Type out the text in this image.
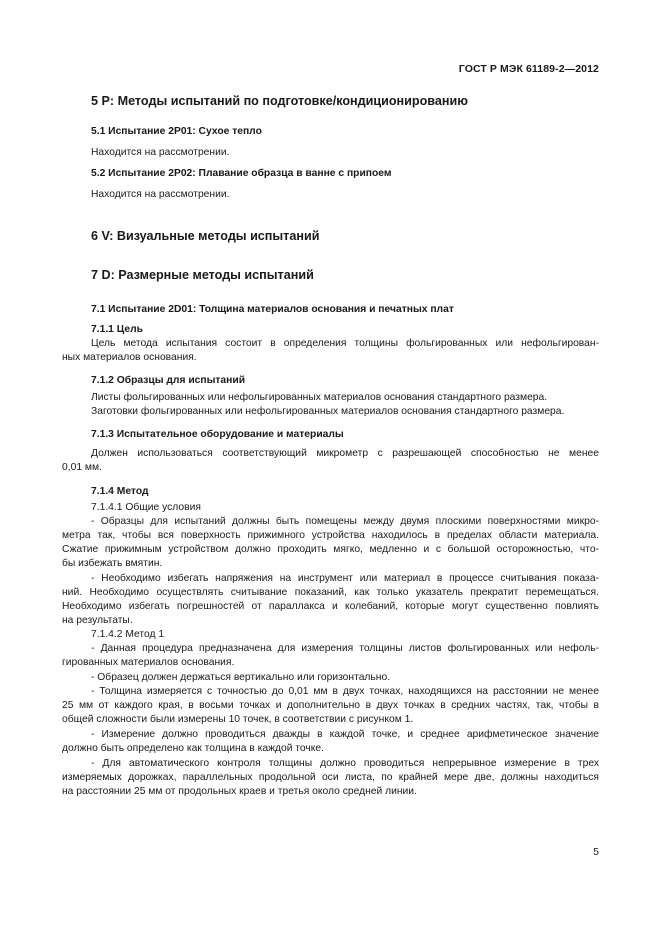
ГОСТ Р МЭК 61189-2—2012
5 P: Методы испытаний по подготовке/кондиционированию
5.1 Испытание 2P01: Сухое тепло
Находится на рассмотрении.
5.2 Испытание 2P02: Плавание образца в ванне с припоем
Находится на рассмотрении.
6 V: Визуальные методы испытаний
7 D: Размерные методы испытаний
7.1 Испытание 2D01: Толщина материалов основания и печатных плат
7.1.1 Цель
Цель метода испытания состоит в определения толщины фольгированных или нефольгирован-
ных материалов основания.
7.1.2 Образцы для испытаний
Листы фольгированных или нефольгированных материалов основания стандартного размера.
Заготовки фольгированных или нефольгированных материалов основания стандартного размера.
7.1.3 Испытательное оборудование и материалы
Должен использоваться соответствующий микрометр с разрешающей способностью не менее
0,01 мм.
7.1.4 Метод
7.1.4.1 Общие условия
- Образцы для испытаний должны быть помещены между двумя плоскими поверхностями микро-
метра так, чтобы вся поверхность прижимного устройства находилось в пределах области материала.
Сжатие прижимным устройством должно проходить мягко, медленно и с большой осторожностью, что-
бы избежать вмятин.
- Необходимо избегать напряжения на инструмент или материал в процессе считывания показа-
ний. Необходимо осуществлять считывание показаний, как только указатель прекратит перемещаться.
Необходимо избегать погрешностей от параллакса и колебаний, которые могут существенно повлиять
на результаты.
7.1.4.2 Метод 1
- Данная процедура предназначена для измерения толщины листов фольгированных или нефоль-
гированных материалов основания.
- Образец должен держаться вертикально или горизонтально.
- Толщина измеряется с точностью до 0,01 мм в двух точках, находящихся на расстоянии не менее
25 мм от каждого края, в восьми точках и дополнительно в двух точках в средних частях, так, чтобы в
общей сложности были измерены 10 точек, в соответствии с рисунком 1.
- Измерение должно проводиться дважды в каждой точке, и среднее арифметическое значение
должно быть определено как толщина в каждой точке.
- Для автоматического контроля толщины должно проводиться непрерывное измерение в трех
измеряемых дорожках, параллельных продольной оси листа, по крайней мере две, должны находиться
на расстоянии 25 мм от продольных краев и третья около средней линии.
5
